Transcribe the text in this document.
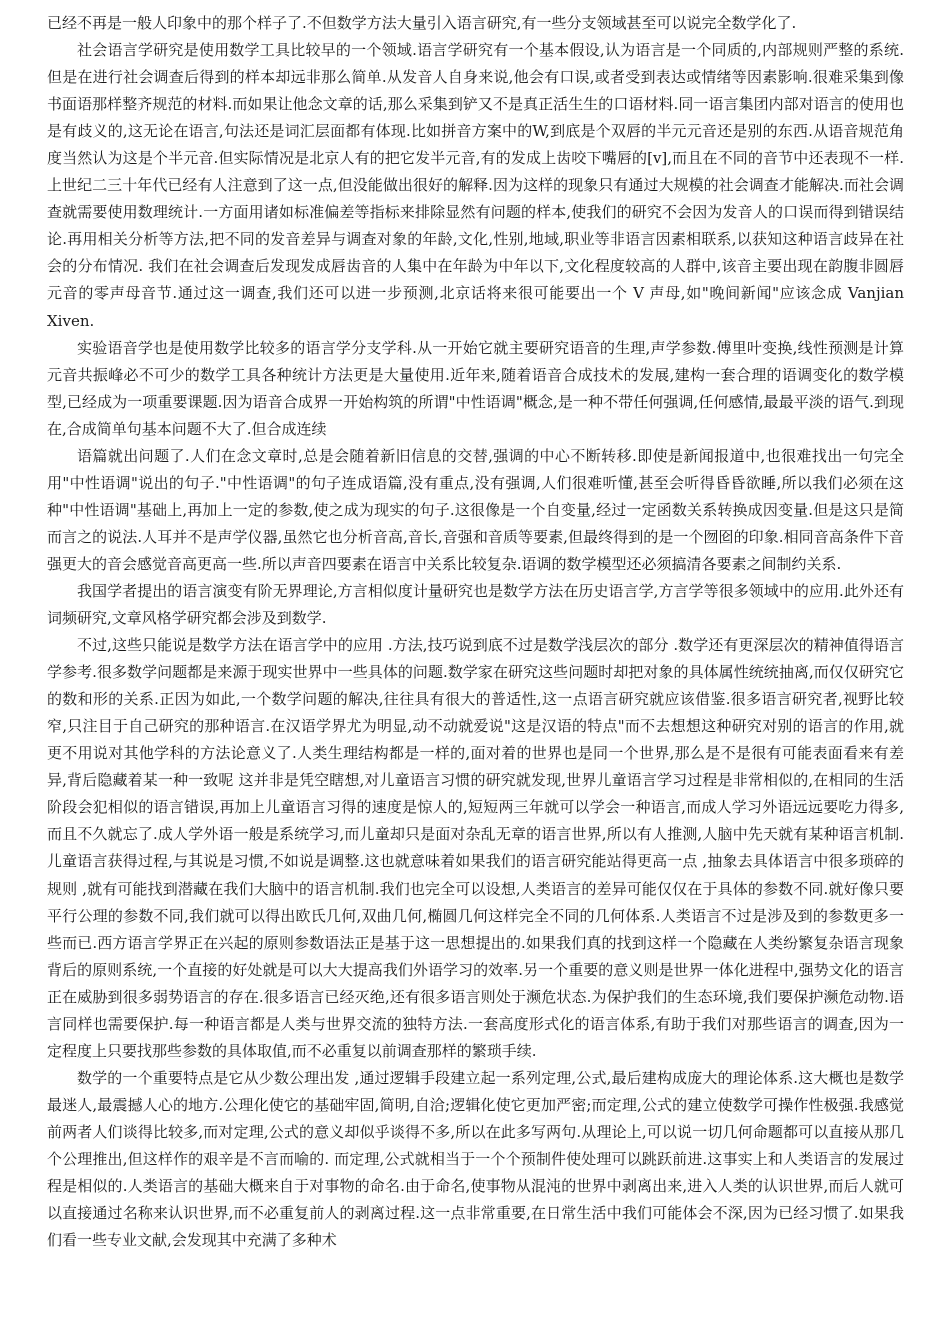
已经不再是一般人印象中的那个样子了.不但数学方法大量引入语言研究,有一些分支领域甚至可以说完全数学化了.

社会语言学研究是使用数学工具比较早的一个领域.语言学研究有一个基本假设,认为语言是一个同质的,内部规则严整的系统.但是在进行社会调查后得到的样本却远非那么简单.从发音人自身来说,他会有口误,或者受到表达或情绪等因素影响.很难采集到像书面语那样整齐规范的材料.而如果让他念文章的话,那么采集到铲又不是真正活生生的口语材料.同一语言集团内部对语言的使用也是有歧义的,这无论在语言,句法还是词汇层面都有体现.比如拼音方案中的W,到底是个双唇的半元元音还是别的东西.从语音规范角度当然认为这是个半元音.但实际情况是北京人有的把它发半元音,有的发成上齿咬下嘴唇的[v],而且在不同的音节中还表现不一样.上世纪二三十年代已经有人注意到了这一点,但没能做出很好的解释.因为这样的现象只有通过大规模的社会调查才能解决.而社会调查就需要使用数理统计.一方面用诸如标准偏差等指标来排除显然有问题的样本,使我们的研究不会因为发音人的口误而得到错误结论.再用相关分析等方法,把不同的发音差异与调查对象的年龄,文化,性别,地域,职业等非语言因素相联系,以获知这种语言歧异在社会的分布情况. 我们在社会调查后发现发成唇齿音的人集中在年龄为中年以下,文化程度较高的人群中,该音主要出现在韵腹非圆唇元音的零声母音节.通过这一调查,我们还可以进一步预测,北京话将来很可能要出一个 V 声母,如"晚间新闻"应该念成 Vanjian Xiven.

实验语音学也是使用数学比较多的语言学分支学科.从一开始它就主要研究语音的生理,声学参数.傅里叶变换,线性预测是计算元音共振峰必不可少的数学工具各种统计方法更是大量使用.近年来,随着语音合成技术的发展,建构一套合理的语调变化的数学模型,已经成为一项重要课题.因为语音合成界一开始构筑的所谓"中性语调"概念,是一种不带任何强调,任何感情,最最平淡的语气.到现在,合成简单句基本问题不大了.但合成连续

语篇就出问题了.人们在念文章时,总是会随着新旧信息的交替,强调的中心不断转移.即使是新闻报道中,也很难找出一句完全用"中性语调"说出的句子."中性语调"的句子连成语篇,没有重点,没有强调,人们很难听懂,甚至会听得昏昏欲睡,所以我们必须在这种"中性语调"基础上,再加上一定的参数,使之成为现实的句子.这很像是一个自变量,经过一定函数关系转换成因变量.但是这只是简而言之的说法.人耳并不是声学仪器,虽然它也分析音高,音长,音强和音质等要素,但最终得到的是一个囫囵的印象.相同音高条件下音强更大的音会感觉音高更高一些.所以声音四要素在语言中关系比较复杂.语调的数学模型还必须搞清各要素之间制约关系.

我国学者提出的语言演变有阶无界理论,方言相似度计量研究也是数学方法在历史语言学,方言学等很多领域中的应用.此外还有词频研究,文章风格学研究都会涉及到数学.

不过,这些只能说是数学方法在语言学中的应用 .方法,技巧说到底不过是数学浅层次的部分 .数学还有更深层次的精神值得语言学参考.很多数学问题都是来源于现实世界中一些具体的问题.数学家在研究这些问题时却把对象的具体属性统统抽离,而仅仅研究它的数和形的关系.正因为如此,一个数学问题的解决,往往具有很大的普适性,这一点语言研究就应该借鉴.很多语言研究者,视野比较窄,只注目于自己研究的那种语言.在汉语学界尤为明显,动不动就爱说"这是汉语的特点"而不去想想这种研究对别的语言的作用,就更不用说对其他学科的方法论意义了.人类生理结构都是一样的,面对着的世界也是同一个世界,那么是不是很有可能表面看来有差异,背后隐藏着某一种一致呢 这并非是凭空瞎想,对儿童语言习惯的研究就发现,世界儿童语言学习过程是非常相似的,在相同的生活阶段会犯相似的语言错误,再加上儿童语言习得的速度是惊人的,短短两三年就可以学会一种语言,而成人学习外语远远要吃力得多,而且不久就忘了.成人学外语一般是系统学习,而儿童却只是面对杂乱无章的语言世界,所以有人推测,人脑中先天就有某种语言机制.儿童语言获得过程,与其说是习惯,不如说是调整.这也就意味着如果我们的语言研究能站得更高一点 ,抽象去具体语言中很多琐碎的规则 ,就有可能找到潜藏在我们大脑中的语言机制.我们也完全可以设想,人类语言的差异可能仅仅在于具体的参数不同.就好像只要平行公理的参数不同,我们就可以得出欧氏几何,双曲几何,椭圆几何这样完全不同的几何体系.人类语言不过是涉及到的参数更多一些而已.西方语言学界正在兴起的原则参数语法正是基于这一思想提出的.如果我们真的找到这样一个隐藏在人类纷繁复杂语言现象背后的原则系统,一个直接的好处就是可以大大提高我们外语学习的效率.另一个重要的意义则是世界一体化进程中,强势文化的语言正在威胁到很多弱势语言的存在.很多语言已经灭绝,还有很多语言则处于濒危状态.为保护我们的生态环境,我们要保护濒危动物.语言同样也需要保护.每一种语言都是人类与世界交流的独特方法.一套高度形式化的语言体系,有助于我们对那些语言的调查,因为一定程度上只要找那些参数的具体取值,而不必重复以前调查那样的繁琐手续.

数学的一个重要特点是它从少数公理出发 ,通过逻辑手段建立起一系列定理,公式,最后建构成庞大的理论体系.这大概也是数学最迷人,最震撼人心的地方.公理化使它的基础牢固,简明,自洽;逻辑化使它更加严密;而定理,公式的建立使数学可操作性极强.我感觉前两者人们谈得比较多,而对定理,公式的意义却似乎谈得不多,所以在此多写两句.从理论上,可以说一切几何命题都可以直接从那几个公理推出,但这样作的艰辛是不言而喻的. 而定理,公式就相当于一个个预制件使处理可以跳跃前进.这事实上和人类语言的发展过程是相似的.人类语言的基础大概来自于对事物的命名.由于命名,使事物从混沌的世界中剥离出来,进入人类的认识世界,而后人就可以直接通过名称来认识世界,而不必重复前人的剥离过程.这一点非常重要,在日常生活中我们可能体会不深,因为已经习惯了.如果我们看一些专业文献,会发现其中充满了多种术
